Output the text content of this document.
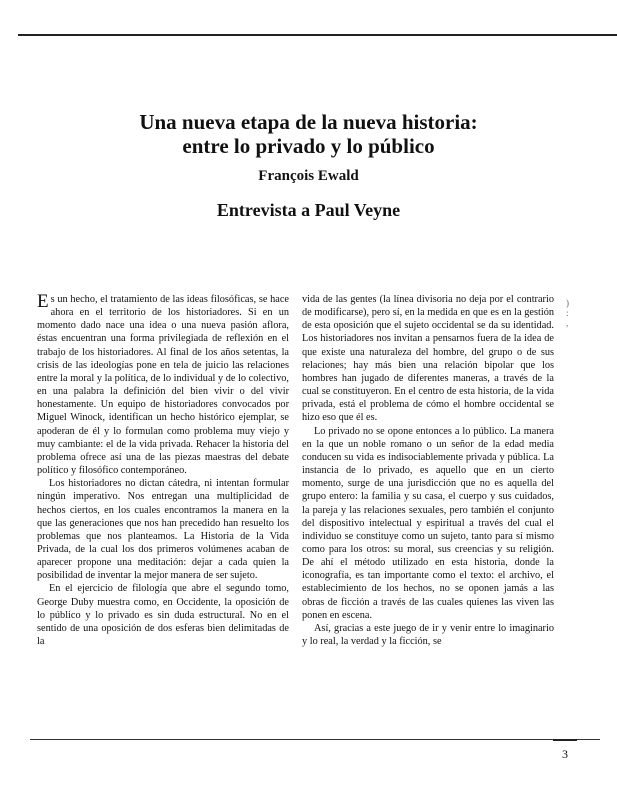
Una nueva etapa de la nueva historia:
entre lo privado y lo público
François Ewald
Entrevista a Paul Veyne

Es un hecho, el tratamiento de las ideas filosóficas, se hace ahora en el territorio de los historiadores. Si en un momento dado nace una idea o una nueva pasión aflora, éstas encuentran una forma privilegiada de reflexión en el trabajo de los historiadores. Al final de los años setentas, la crisis de las ideologías pone en tela de juicio las relaciones entre la moral y la política, de lo individual y de lo colectivo, en una palabra la definición del bien vivir o del vivir honestamente. Un equipo de historiadores convocados por Miguel Winock, identifican un hecho histórico ejemplar, se apoderan de él y lo formulan como problema muy viejo y muy cambiante: el de la vida privada. Rehacer la historia del problema ofrece así una de las piezas maestras del debate político y filosófico contemporáneo.

Los historiadores no dictan cátedra, ni intentan formular ningún imperativo. Nos entregan una multiplicidad de hechos ciertos, en los cuales encontramos la manera en la que las generaciones que nos han precedido han resuelto los problemas que nos planteamos. La Historia de la Vida Privada, de la cual los dos primeros volúmenes acaban de aparecer propone una meditación: dejar a cada quien la posibilidad de inventar la mejor manera de ser sujeto.

En el ejercicio de filología que abre el segundo tomo, George Duby muestra como, en Occidente, la oposición de lo público y lo privado es sin duda estructural. No en el sentido de una oposición de dos esferas bien delimitadas de la

vida de las gentes (la línea divisoria no deja por el contrario de modificarse), pero sí, en la medida en que es en la gestión de esta oposición que el sujeto occidental se da su identidad. Los historiadores nos invitan a pensarnos fuera de la idea de que existe una naturaleza del hombre, del grupo o de sus relaciones; hay más bien una relación bipolar que los hombres han jugado de diferentes maneras, a través de la cual se constituyeron. En el centro de esta historia, de la vida privada, está el problema de cómo el hombre occidental se hizo eso que él es.

Lo privado no se opone entonces a lo público. La manera en la que un noble romano o un señor de la edad media conducen su vida es indisociablemente privada y pública. La instancia de lo privado, es aquello que en un cierto momento, surge de una jurisdicción que no es aquella del grupo entero: la familia y su casa, el cuerpo y sus cuidados, la pareja y las relaciones sexuales, pero también el conjunto del dispositivo intelectual y espiritual a través del cual el individuo se constituye como un sujeto, tanto para sí mismo como para los otros: su moral, sus creencias y su religión. De ahí el método utilizado en esta historia, donde la iconografía, es tan importante como el texto: el archivo, el establecimiento de los hechos, no se oponen jamás a las obras de ficción a través de las cuales quienes las viven las ponen en escena.

Así, gracias a este juego de ir y venir entre lo imaginario y lo real, la verdad y la ficción, se

)
:
,
3
